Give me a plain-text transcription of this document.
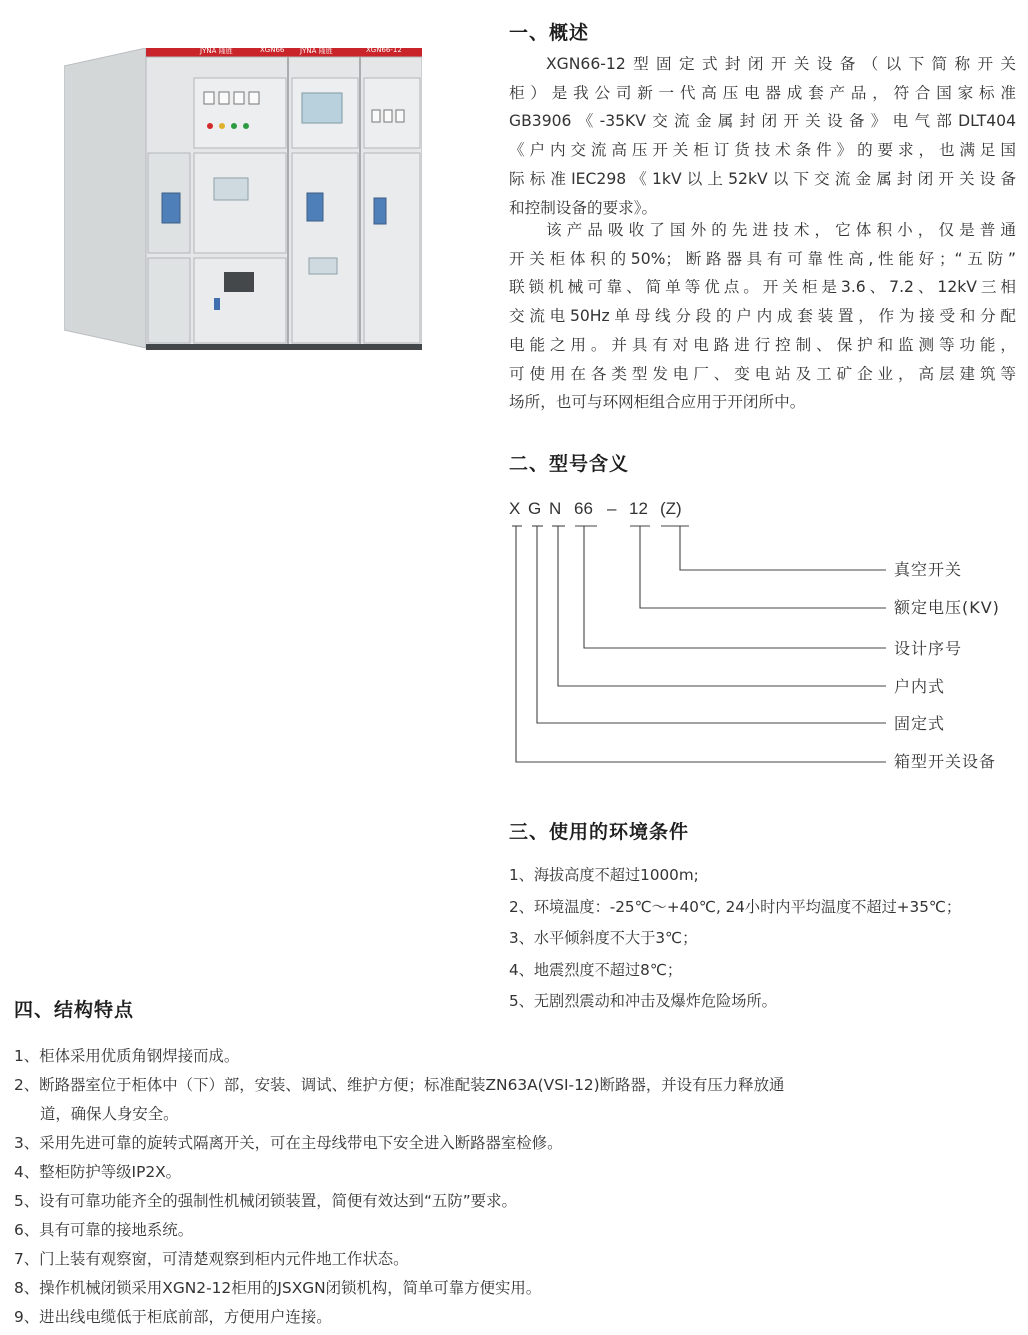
JYNA 隆胜	XGN66 JYNA 隆胜	XGN66-12
一、概述
XGN66-12型固定式封闭开关设备（以下简称开关
柜）是我公司新一代高压电器成套产品，符合国家标准
GB3906《-35KV交流金属封闭开关设备》电气部DLT404
《户内交流高压开关柜订货技术条件》的要求，也满足国
际标准IEC298《1kV以上52kV以下交流金属封闭开关设备
和控制设备的要求》。
该产品吸收了国外的先进技术，它体积小，仅是普通
开关柜体积的50%；断路器具有可靠性高,性能好；“五防”
联锁机械可靠、简单等优点。开关柜是3.6、7.2、12kV三相
交流电50Hz单母线分段的户内成套装置，作为接受和分配
电能之用。并具有对电路进行控制、保护和监测等功能，
可使用在各类型发电厂、变电站及工矿企业，高层建筑等
场所，也可与环网柜组合应用于开闭所中。
二、型号含义
X G N 66 – 12 (Z)
真空开关
额定电压(KV)
设计序号
户内式
固定式
箱型开关设备
三、使用的环境条件
1、海拔高度不超过1000m;
2、环境温度：-25℃～+40℃, 24小时内平均温度不超过+35℃；
3、水平倾斜度不大于3℃；
4、地震烈度不超过8℃；
5、无剧烈震动和冲击及爆炸危险场所。
四、结构特点
1、柜体采用优质角钢焊接而成。
2、断路器室位于柜体中（下）部，安装、调试、维护方便；标准配装ZN63A(VSI-12)断路器，并设有压力释放通
道，确保人身安全。
3、采用先进可靠的旋转式隔离开关，可在主母线带电下安全进入断路器室检修。
4、整柜防护等级IP2X。
5、设有可靠功能齐全的强制性机械闭锁装置，简便有效达到“五防”要求。
6、具有可靠的接地系统。
7、门上装有观察窗，可清楚观察到柜内元件地工作状态。
8、操作机械闭锁采用XGN2-12柜用的JSXGN闭锁机构，简单可靠方便实用。
9、进出线电缆低于柜底前部，方便用户连接。
